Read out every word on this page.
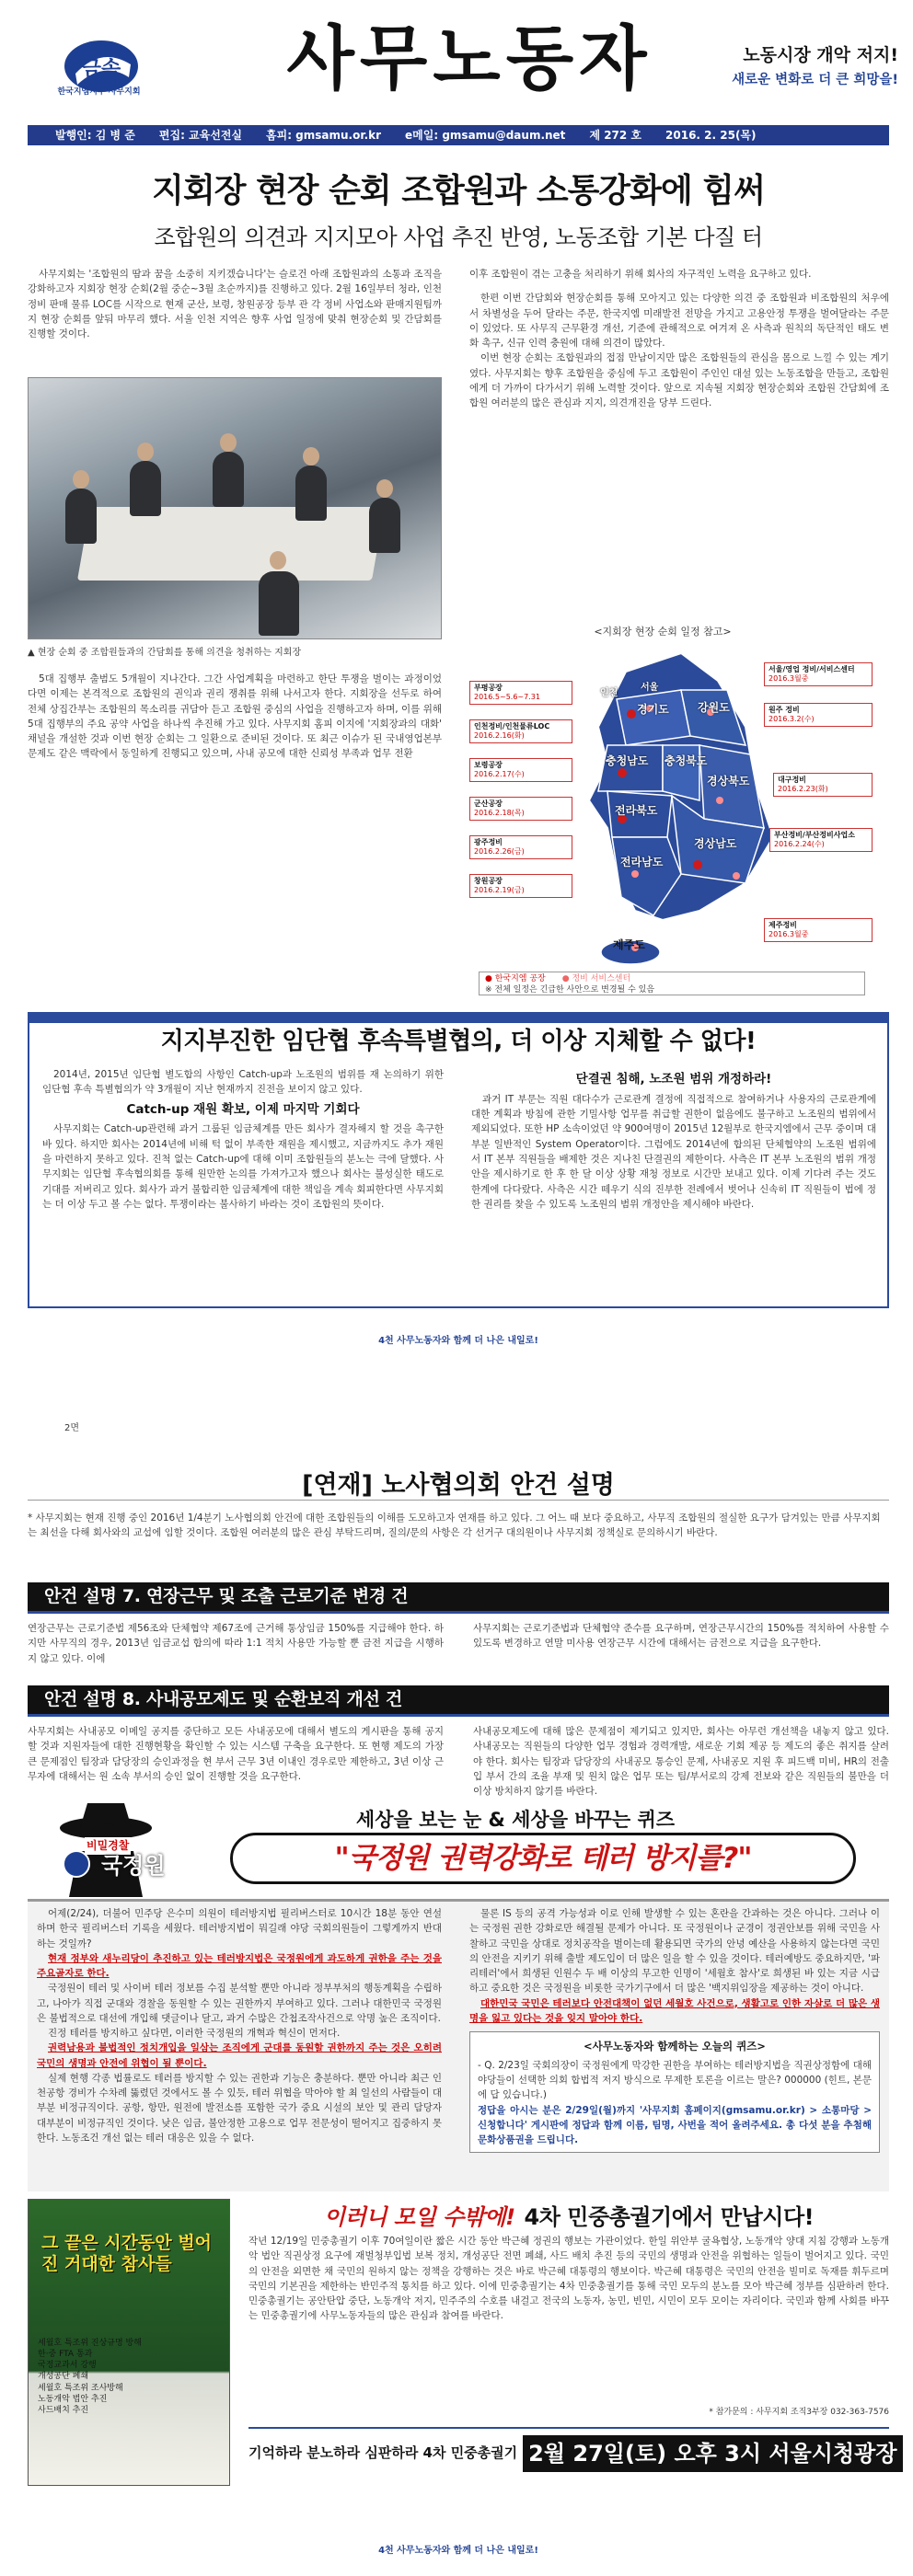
금속
한국지엠지부 사무지회 사무노동자	노동시장 개악 저지!
새로운 변화로 더 큰 희망을!
발행인: 김 병 준 편집: 교육선전실 홈피: gmsamu.or.kr e메일: gmsamu@daum.net 제 272 호 2016. 2. 25(목)
지회장 현장 순회 조합원과 소통강화에 힘써
조합원의 의견과 지지모아 사업 추진 반영, 노동조합 기본 다질 터

사무지회는 '조합원의 땀과 꿈을 소중히 지키겠습니다'는 슬로건 아래 조합원과의 소통과 조직을 강화하고자 지회장 현장 순회(2월 중순~3월 초순까지)를 진행하고 있다. 2월 16일부터 청라, 인천정비 판매 물류 LOC를 시작으로 현재 군산, 보령, 창원공장 등부 관 각 정비 사업소와 판매지원팀까지 현장 순회를 앞둬 마무리 했다. 서울 인천 지역은 향후 사업 일정에 맞춰 현장순회 및 간담회를 진행할 것이다.

▲ 현장 순회 중 조합원들과의 간담회를 통해 의견을 청취하는 지회장

5대 집행부 출범도 5개월이 지나간다. 그간 사업계획을 마련하고 한단 투쟁을 벌이는 과정이었다면 이제는 본격적으로 조합원의 권익과 권리 쟁취를 위해 나서고자 한다. 지회장을 선두로 하여 전체 상집간부는 조합원의 목소리를 귀담아 듣고 조합원 중심의 사업을 진행하고자 하며, 이를 위해 5대 집행부의 주요 공약 사업을 하나씩 추진해 가고 있다. 사무지회 홈피 이지에 '지회장과의 대화' 채널을 개설한 것과 이번 현장 순회는 그 일환으로 준비된 것이다. 또 최근 이슈가 된 국내영업본부 문제도 같은 맥락에서 동일하게 진행되고 있으며, 사내 공모에 대한 신뢰성 부족과 업무 전환

이후 조합원이 겪는 고충을 처리하기 위해 회사의 자구적인 노력을 요구하고 있다.

한편 이번 간담회와 현장순회를 통해 모아지고 있는 다양한 의견 중 조합원과 비조합원의 처우에서 차별성을 두어 달라는 주문, 한국지엠 미래발전 전망을 가지고 고용안정 투쟁을 벌여달라는 주문이 있었다. 또 사무직 근무환경 개선, 기준에 관해적으로 여겨져 온 사측과 원칙의 독단적인 태도 변화 촉구, 신규 인력 충원에 대해 의견이 많았다.

이번 현장 순회는 조합원과의 접점 만남이지만 많은 조합원들의 관심을 몸으로 느낄 수 있는 계기였다. 사무지회는 향후 조합원을 중심에 두고 조합원이 주인인 대설 있는 노동조합을 만들고, 조합원에게 더 가까이 다가서기 위해 노력할 것이다. 앞으로 지속될 지회장 현장순회와 조합원 간담회에 조합원 여러분의 많은 관심과 지지, 의견개진을 당부 드린다.

<지회장 현장 순회 일정 참고>
경기도	강원도
충청북도
충청남도
경상북도
전라북도
경상남도
전라남도
제주도
인천
서울
부평공장
2016.5~5.6~7.31
인천정비/인천물류LOC
2016.2.16(화)
보령공장
2016.2.17(수)
군산공장
2016.2.18(목)
광주정비
2016.2.26(금)
창원공장
2016.2.19(금)
서울/영업 정비/서비스센터
2016.3월중
원주 정비
2016.3.2(수)
대구정비
2016.2.23(화)
부산정비/부산정비사업소
2016.2.24(수)
제주정비
2016.3월중
● 한국지엠 공장 ● 정비 서비스센터
※ 전체 일정은 긴급한 사안으로 변경될 수 있음
지지부진한 임단협 후속특별협의, 더 이상 지체할 수 없다!

2014년, 2015년 임단협 별도합의 사항인 Catch-up과 노조원의 범위를 재 논의하기 위한 임단협 후속 특별협의가 약 3개월이 지난 현재까지 진전을 보이지 않고 있다.

Catch-up 재원 확보, 이제 마지막 기회다

사무지회는 Catch-up관련해 과거 그룹된 임금체계를 만든 회사가 결자해지 할 것을 촉구한 바 있다. 하지만 회사는 2014년에 비해 턱 없이 부족한 재원을 제시했고, 지금까지도 추가 재원을 마련하지 못하고 있다. 진척 없는 Catch-up에 대해 이미 조합원들의 분노는 극에 달했다. 사무지회는 임단협 후속협의회를 통해 원만한 논의를 가져가고자 했으나 회사는 불성실한 태도로 기대를 저버리고 있다. 회사가 과거 불합리한 임금체계에 대한 책임을 계속 회피한다면 사무지회는 더 이상 두고 볼 수는 없다. 투쟁이라는 불사하기 바라는 것이 조합원의 뜻이다.

단결권 침해, 노조원 범위 개정하라!

과거 IT 부문는 직원 대다수가 근로관계 결정에 직접적으로 참여하거나 사용자의 근로관계에 대한 계획과 방침에 관한 기밀사항 업무를 취급할 권한이 없음에도 불구하고 노조원의 범위에서 제외되었다. 또한 HP 소속이었던 약 900여명이 2015년 12월부로 한국지엠에서 근무 중이며 대부분 일반적인 System Operator이다. 그럼에도 2014년에 합의된 단체협약의 노조원 범위에서 IT 본부 직원들을 배제한 것은 지나친 단결권의 제한이다. 사측은 IT 본부 노조원의 범위 개정안을 제시하기로 한 후 한 달 이상 상황 재청 정보로 시간만 보내고 있다. 이제 기다려 주는 것도 한계에 다다랐다. 사측은 시간 떼우기 식의 진부한 전례에서 벗어나 신속히 IT 직원들이 법에 정한 권리를 찾을 수 있도록 노조원의 범위 개정안을 제시해야 바란다.

4천 사무노동자와 함께 더 나은 내일로!
2면
[연재] 노사협의회 안건 설명
* 사무지회는 현재 진행 중인 2016년 1/4분기 노사협의회 안건에 대한 조합원들의 이해를 도모하고자 연재를 하고 있다. 그 어느 때 보다 중요하고, 사무직 조합원의 절실한 요구가 담겨있는 만큼 사무지회는 최선을 다해 회사와의 교섭에 임할 것이다. 조합원 여러분의 많은 관심 부탁드리며, 질의/문의 사항은 각 선거구 대의원이나 사무지회 정책실로 문의하시기 바란다.
안건 설명 7. 연장근무 및 조출 근로기준 변경 건
연장근무는 근로기준법 제56조와 단체협약 제67조에 근거해 통상임금 150%를 지급해야 한다. 하지만 사무직의 경우, 2013년 임금교섭 합의에 따라 1:1 적치 사용만 가능할 뿐 금전 지급을 시행하지 않고 있다. 이에
사무지회는 근로기준법과 단체협약 준수를 요구하며, 연장근무시간의 150%를 적치하여 사용할 수 있도록 변경하고 연말 미사용 연장근무 시간에 대해서는 금전으로 지급을 요구한다.
안건 설명 8. 사내공모제도 및 순환보직 개선 건
사무지회는 사내공모 이메일 공지를 중단하고 모든 사내공모에 대해서 별도의 게시판을 통해 공지할 것과 지원자들에 대한 진행현황을 확인할 수 있는 시스템 구축을 요구한다. 또 현행 제도의 가장 큰 문제점인 팀장과 담당장의 승인과정을 현 부서 근무 3년 이내인 경우로만 제한하고, 3년 이상 근무자에 대해서는 원 소속 부서의 승인 없이 진행할 것을 요구한다.
사내공모제도에 대해 많은 문제점이 제기되고 있지만, 회사는 아무런 개선책을 내놓지 않고 있다. 사내공모는 직원들의 다양한 업무 경험과 경력개발, 새로운 기회 제공 등 제도의 좋은 취지를 살려야 한다. 회사는 팀장과 담당장의 사내공모 통승인 문제, 사내공모 지원 후 피드백 미비, HR의 전출입 부서 간의 조율 부재 및 원치 않은 업무 또는 팀/부서로의 강제 전보와 같은 직원들의 불만을 더 이상 방치하지 않기를 바란다.
비밀경찰
국정원
세상을 보는 눈 & 세상을 바꾸는 퀴즈
"국정원 권력강화로 테러 방지를?"

어제(2/24), 더불어 민주당 은수미 의원이 테러방지법 필리버스터로 10시간 18분 동안 연설하며 한국 필리버스터 기록을 세웠다. 테러방지법이 뭐길래 야당 국회의원들이 그렇게까지 반대하는 것일까?

현재 정부와 새누리당이 추진하고 있는 테러방지법은 국정원에게 과도하게 권한을 주는 것을 주요골자로 한다.

국정원이 테러 및 사이버 테러 정보를 수집 분석할 뿐만 아니라 정부부처의 행동계획을 수립하고, 나아가 직접 군대와 경찰을 동원할 수 있는 권한까지 부여하고 있다. 그러나 대한민국 국정원은 불법적으로 대선에 개입해 댓글이나 달고, 과거 수많은 간첩조작사건으로 악명 높은 조직이다.

진정 테러를 방지하고 싶다면, 이러한 국정원의 개혁과 혁신이 먼저다.

권력남용과 불법적인 정치개입을 일삼는 조직에게 군대를 동원할 권한까지 주는 것은 오히려 국민의 생명과 안전에 위협이 될 뿐이다.

실제 현행 각종 법률로도 테러를 방지할 수 있는 권한과 기능은 충분하다. 뿐만 아니라 최근 인천공항 경비가 수차례 뚫렸던 것에서도 볼 수 있듯, 테러 위협을 막아야 할 최 일선의 사람들이 대부분 비정규직이다. 공항, 항만, 원전에 발전소를 포함한 국가 중요 시설의 보안 및 관리 담당자 대부분이 비정규직인 것이다. 낮은 임금, 불안정한 고용으로 업무 전문성이 떨어지고 집중하지 못한다. 노동조건 개선 없는 테러 대응은 있을 수 없다.

물론 IS 등의 공격 가능성과 이로 인해 발생할 수 있는 혼란을 간과하는 것은 아니다. 그러나 이는 국정원 권한 강화로만 해결될 문제가 아니다. 또 국정원이나 군경이 정권안보를 위해 국민을 사찰하고 국민을 상대로 정치공작을 벌이는데 활용되면 국가의 안녕 예산을 사용하지 않는다면 국민의 안전을 지키기 위해 출발 제도입이 더 많은 일을 할 수 있을 것이다. 테러예방도 중요하지만, '파리테러'에서 희생된 인원수 두 배 이상의 무고한 인명이 '세월호 참사'로 희생된 바 있는 지금 시급하고 중요한 것은 국정원을 비롯한 국가기구에서 더 많은 '백지위임장을 제공하는 것이 아니다.

대한민국 국민은 테러보다 안전대책이 없던 세월호 사건으로, 생활고로 인한 자살로 더 많은 생명을 잃고 있다는 것을 잊지 말아야 한다.

<사무노동자와 함께하는 오늘의 퀴즈>

- Q. 2/23일 국회의장이 국정원에게 막강한 권한을 부여하는 테러방지법을 직권상정함에 대해 야당들이 선택한 의회 합법적 저지 방식으로 무제한 토론을 이르는 말은? 000000 (힌트, 본문에 답 있습니다.)

정답을 아시는 분은 2/29일(월)까지 '사무지회 홈페이지(gmsamu.or.kr) > 소통마당 > 신청합니다' 게시판에 정답과 함께 이름, 팀명, 사번을 적어 올려주세요. 총 다섯 분을 추첨해 문화상품권을 드립니다.

그 끝은 시간동안 벌어진 거대한 참사들
세월호 특조위 진상규명 방해
한·중 FTA 통과
국정교과서 강행
개성공단 폐쇄
세월호 특조위 조사방해
노동개악 법안 추진
사드배치 추진
이러니 모일 수밖에! 4차 민중총궐기에서 만납시다!
작년 12/19일 민중총궐기 이후 70여일이란 짧은 시간 동안 박근혜 정권의 행보는 가관이었다. 한일 위안부 굴욕협상, 노동개악 양대 지침 강행과 노동개악 법안 직권상정 요구에 재벌청부입법 보복 정치, 개성공단 전면 폐쇄, 사드 배치 추진 등의 국민의 생명과 안전을 위협하는 일들이 벌어지고 있다. 국민의 안전을 외면한 채 국민의 원하지 않는 정책을 강행하는 것은 바로 박근혜 대통령의 행보이다. 박근혜 대통령은 국민의 안전을 빌미로 독재를 휘두르며 국민의 기본권을 제한하는 반민주적 통치를 하고 있다. 이에 민중총궐기는 4차 민중총궐기를 통해 국민 모두의 분노를 모아 박근혜 정부를 심판하려 한다. 민중총궐기는 공안탄압 중단, 노동개악 저지, 민주주의 수호를 내걸고 전국의 노동자, 농민, 빈민, 시민이 모두 모이는 자리이다. 국민과 함께 사회를 바꾸는 민중총궐기에 사무노동자들의 많은 관심과 참여를 바란다.
* 참가문의 : 사무지회 조직3부장 032-363-7576
기억하라 분노하라 심판하라 4차 민중총궐기 2월 27일(토) 오후 3시 서울시청광장
4천 사무노동자와 함께 더 나은 내일로!
